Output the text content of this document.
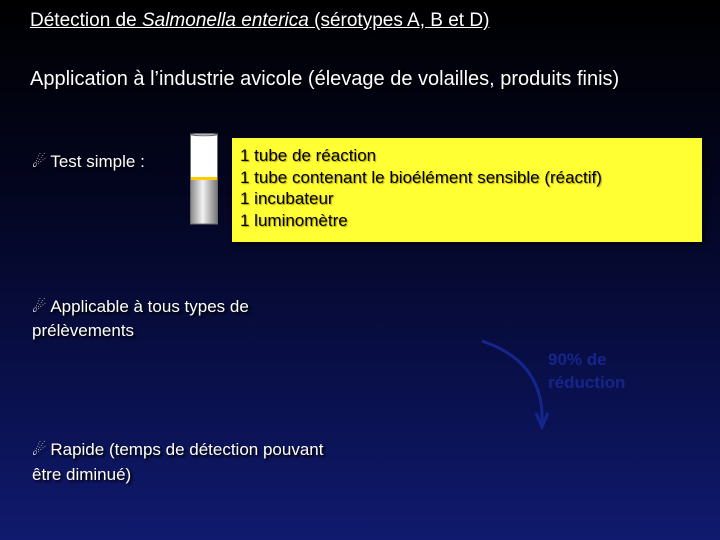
Détection de Salmonella enterica (sérotypes A, B et D)
Application à l’industrie avicole (élevage de volailles, produits finis)
☄ Test simple :	1 tube de réaction
1 tube contenant le bioélément sensible (réactif)
1 incubateur
1 luminomètre
☄ Applicable à tous types de prélèvements
90% de réduction
☄ Rapide (temps de détection pouvant être diminué)
